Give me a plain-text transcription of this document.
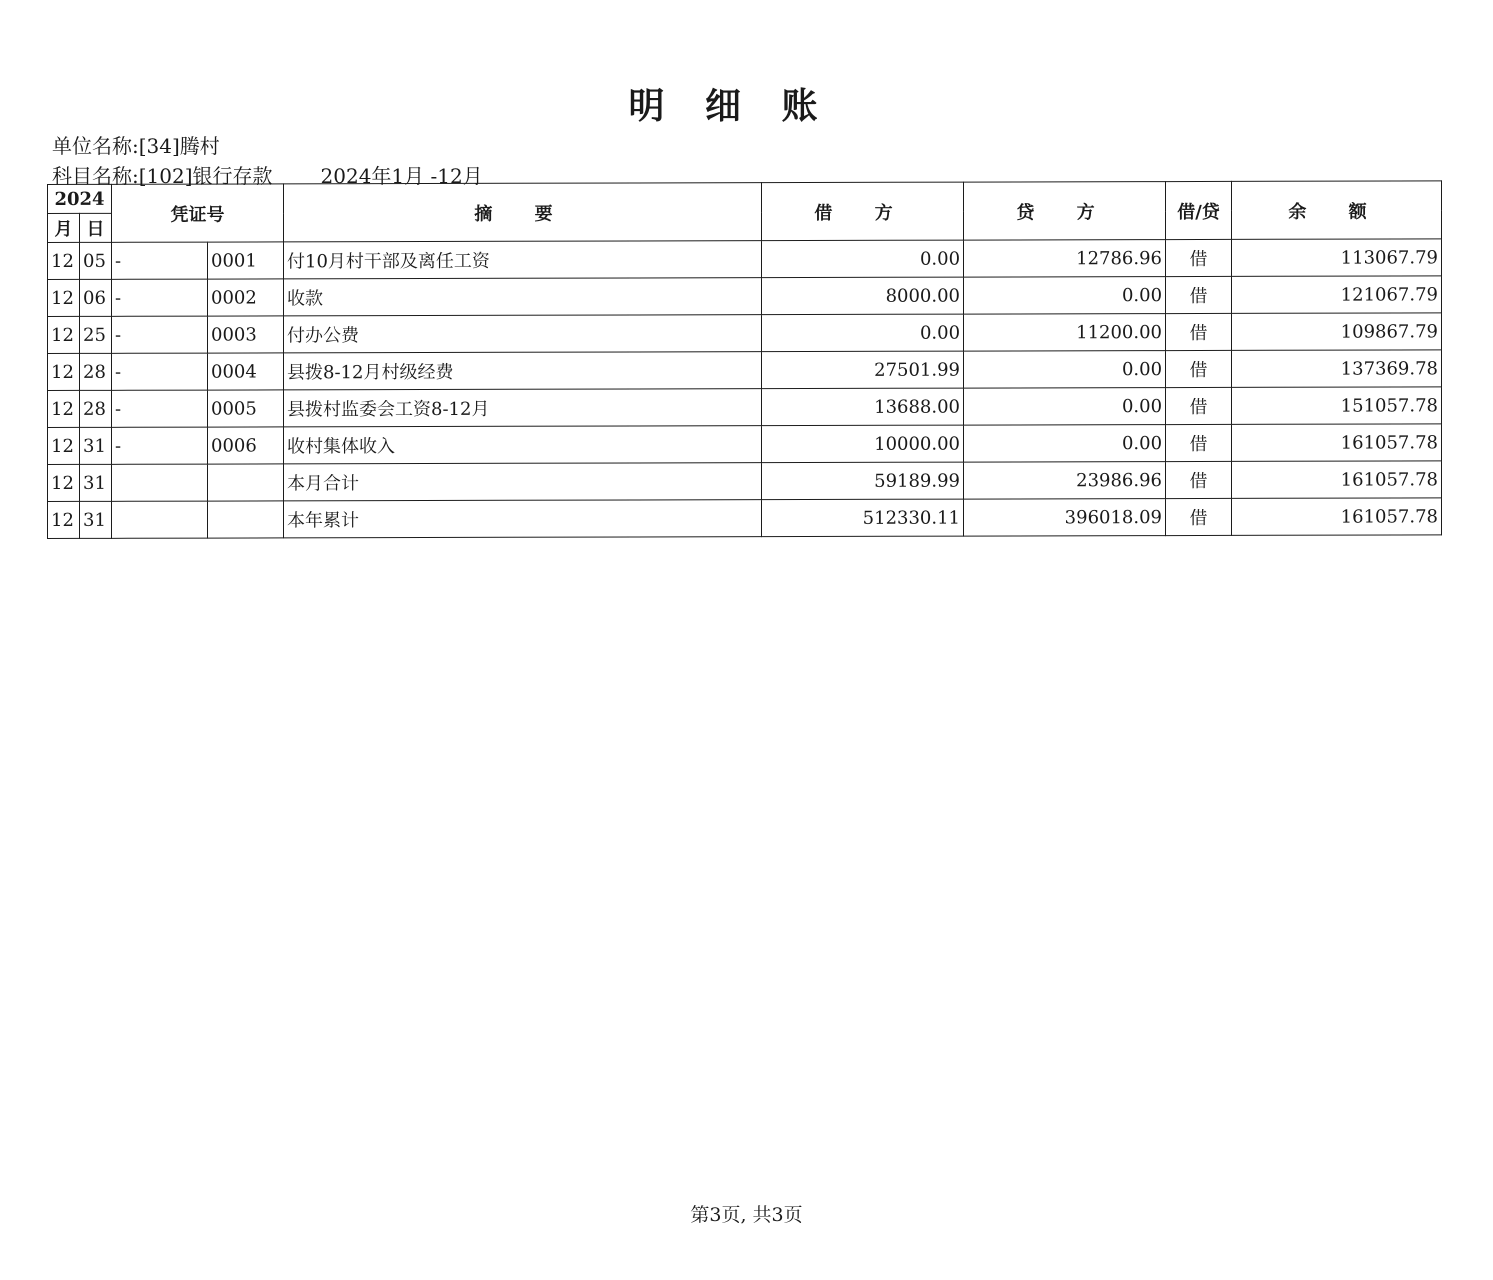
明 细 账
单位名称:[34]腾村
科目名称:[102]银行存款 2024年1月 -12月
2024		凭证号		摘 要	借 方	贷 方	借/贷	余 额
月	日							
12	05	-	0001	付10月村干部及离任工资	0.00	12786.96	借	113067.79
12	06	-	0002	收款	8000.00	0.00	借	121067.79
12	25	-	0003	付办公费	0.00	11200.00	借	109867.79
12	28	-	0004	县拨8-12月村级经费	27501.99	0.00	借	137369.78
12	28	-	0005	县拨村监委会工资8-12月	13688.00	0.00	借	151057.78
12	31	-	0006	收村集体收入	10000.00	0.00	借	161057.78
12	31			本月合计	59189.99	23986.96	借	161057.78
12	31			本年累计	512330.11	396018.09	借	161057.78
第3页, 共3页
